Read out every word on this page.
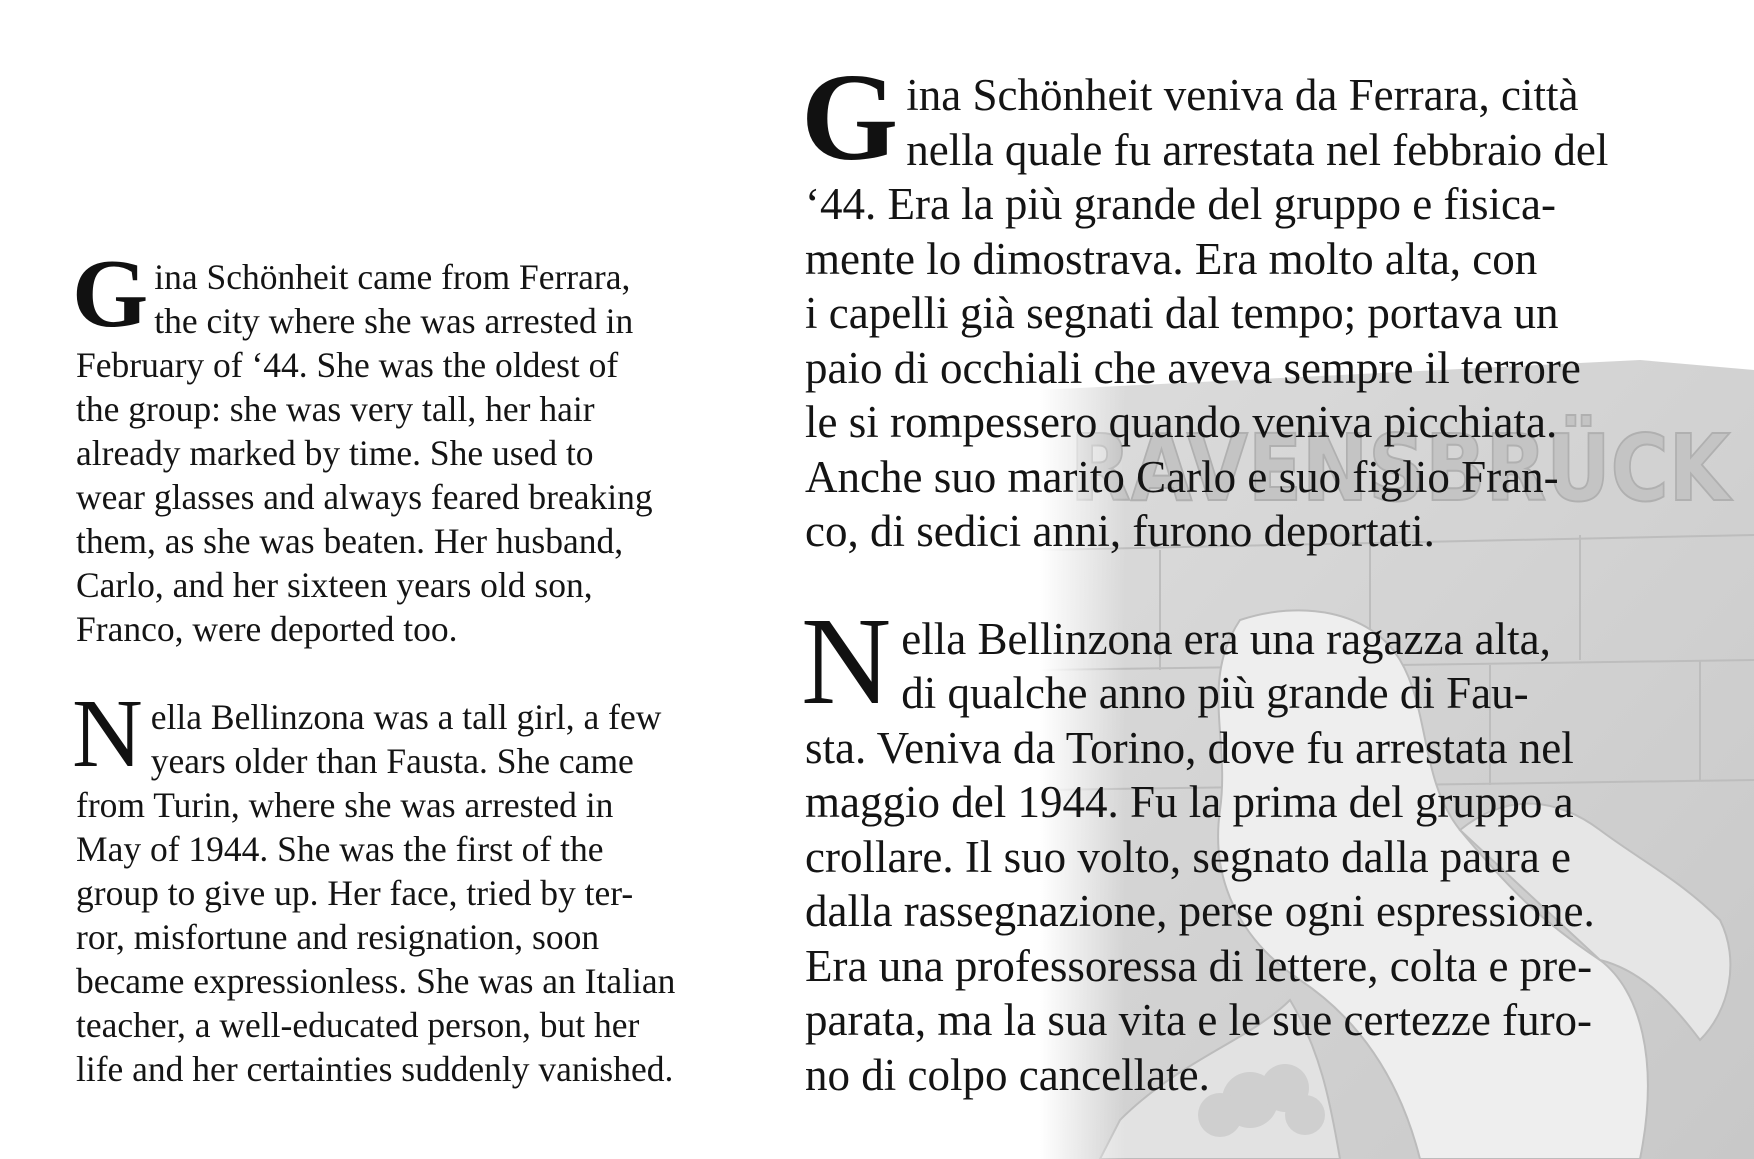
G ina Schönheit came from Ferrara,
the city where she was arrested in
February of ‘44. She was the oldest of
the group: she was very tall, her hair
already marked by time. She used to
wear glasses and always feared breaking
them, as she was beaten. Her husband,
Carlo, and her sixteen years old son,
Franco, were deported too.

N ella Bellinzona was a tall girl, a few
years older than Fausta. She came
from Turin, where she was arrested in
May of 1944. She was the first of the
group to give up. Her face, tried by ter-
ror, misfortune and resignation, soon
became expressionless. She was an Italian
teacher, a well-educated person, but her
life and her certainties suddenly vanished.

G ina Schönheit veniva da Ferrara, città
nella quale fu arrestata nel febbraio del
‘44. Era la più grande del gruppo e fisica-
mente lo dimostrava. Era molto alta, con
i capelli già segnati dal tempo; portava un
paio di occhiali che aveva sempre il terrore
le si rompessero quando veniva picchiata.
Anche suo marito Carlo e suo figlio Fran-
co, di sedici anni, furono deportati.

N ella Bellinzona era una ragazza alta,
di qualche anno più grande di Fau-
sta. Veniva da Torino, dove fu arrestata nel
maggio del 1944. Fu la prima del gruppo a
crollare. Il suo volto, segnato dalla paura e
dalla rassegnazione, perse ogni espressione.
Era una professoressa di lettere, colta e pre-
parata, ma la sua vita e le sue certezze furo-
no di colpo cancellate.
